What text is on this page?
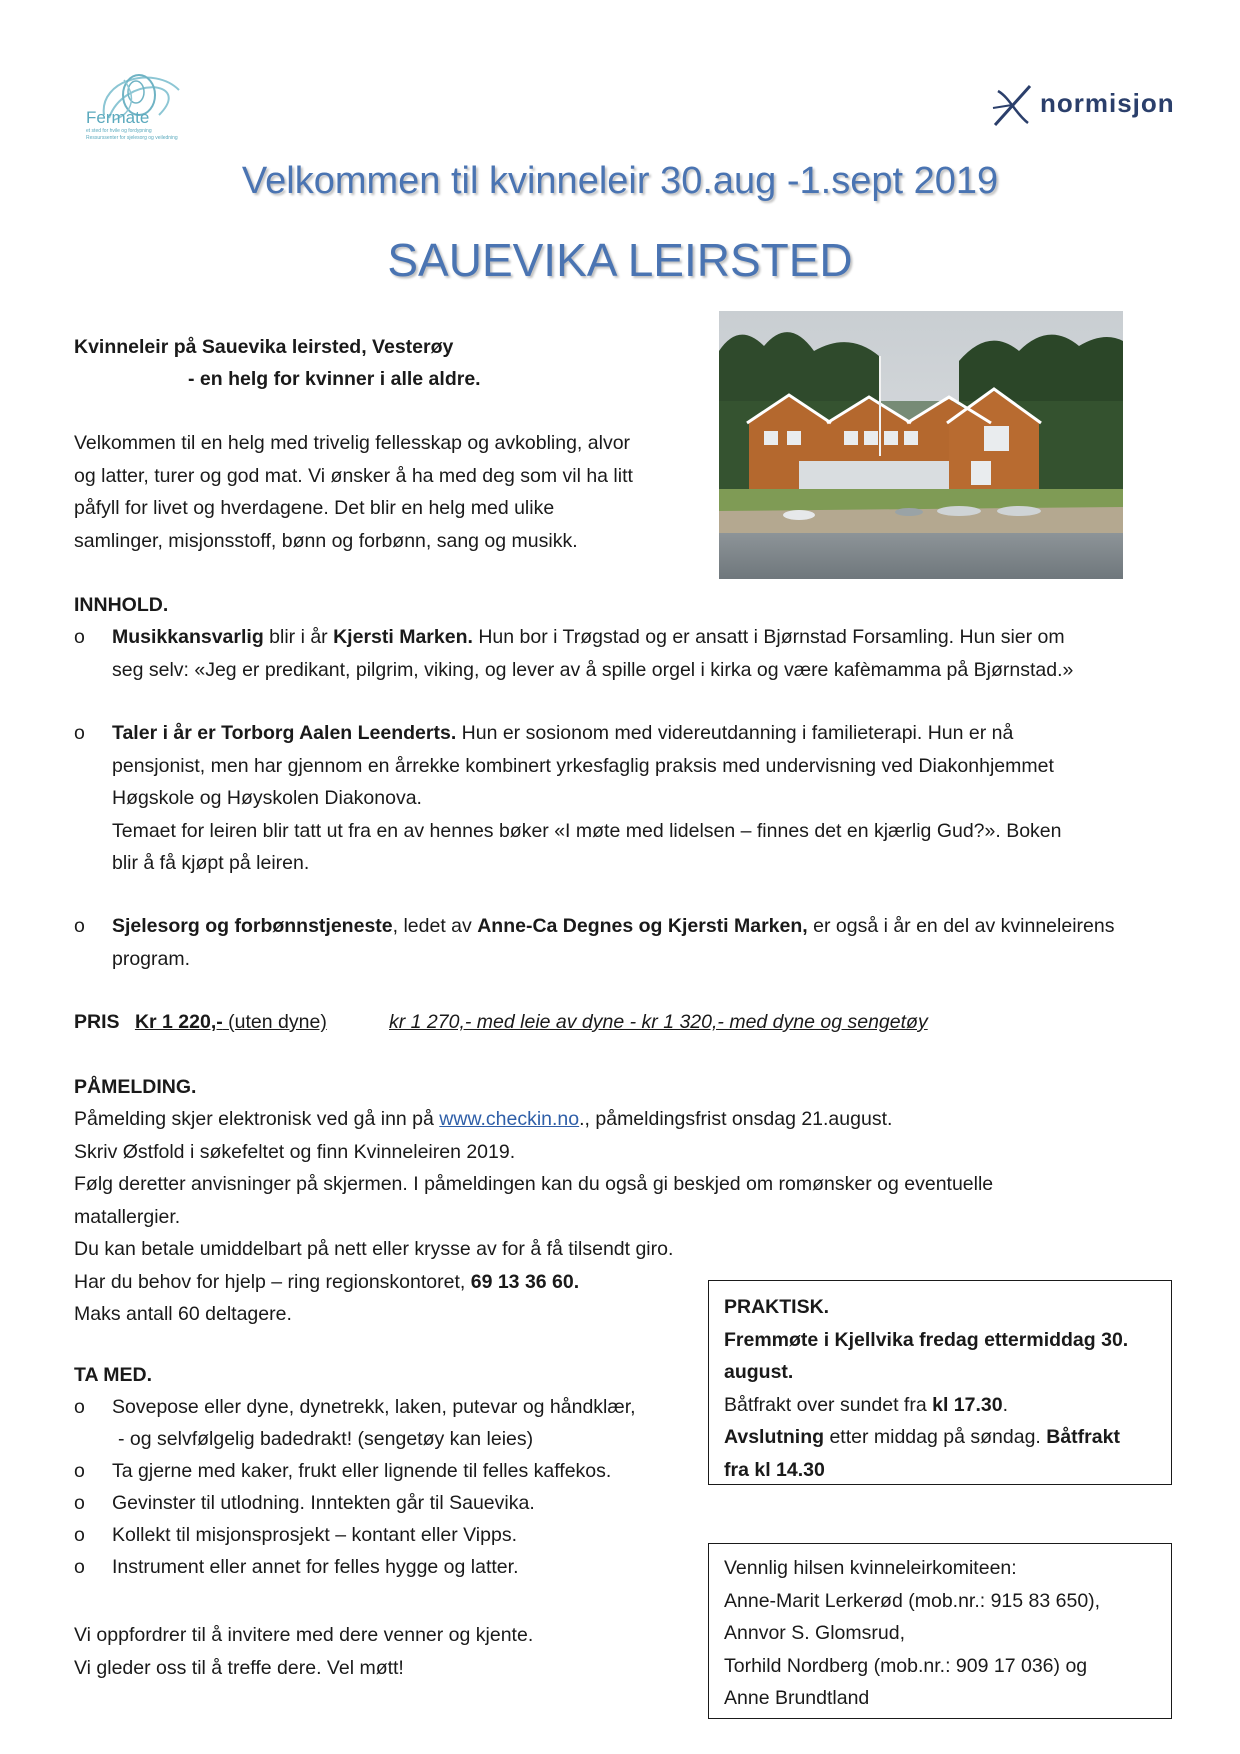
Fermate
et sted for hvile og fordypning
Ressurssenter for sjelesorg og veiledning
normisjon
Velkommen til kvinneleir 30.aug -1.sept 2019
SAUEVIKA LEIRSTED
Kvinneleir på Sauevika leirsted, Vesterøy
- en helg for kvinner i alle aldre.
Velkommen til en helg med trivelig fellesskap og avkobling, alvor
og latter, turer og god mat. Vi ønsker å ha med deg som vil ha litt
påfyll for livet og hverdagene. Det blir en helg med ulike
samlinger, misjonsstoff, bønn og forbønn, sang og musikk.
INNHOLD.
o Musikkansvarlig blir i år Kjersti Marken. Hun bor i Trøgstad og er ansatt i Bjørnstad Forsamling. Hun sier om
seg selv: «Jeg er predikant, pilgrim, viking, og lever av å spille orgel i kirka og være kafèmamma på Bjørnstad.»
o Taler i år er Torborg Aalen Leenderts. Hun er sosionom med videreutdanning i familieterapi. Hun er nå
pensjonist, men har gjennom en årrekke kombinert yrkesfaglig praksis med undervisning ved Diakonhjemmet
Høgskole og Høyskolen Diakonova.
Temaet for leiren blir tatt ut fra en av hennes bøker «I møte med lidelsen – finnes det en kjærlig Gud?». Boken
blir å få kjøpt på leiren.
o Sjelesorg og forbønnstjeneste, ledet av Anne-Ca Degnes og Kjersti Marken, er også i år en del av kvinneleirens
program.
PRIS Kr 1 220,- (uten dyne)	kr 1 270,- med leie av dyne - kr 1 320,- med dyne og sengetøy
PÅMELDING.
Påmelding skjer elektronisk ved gå inn på www.checkin.no., påmeldingsfrist onsdag 21.august.
Skriv Østfold i søkefeltet og finn Kvinneleiren 2019.
Følg deretter anvisninger på skjermen. I påmeldingen kan du også gi beskjed om romønsker og eventuelle
matallergier.
Du kan betale umiddelbart på nett eller krysse av for å få tilsendt giro.
Har du behov for hjelp – ring regionskontoret, 69 13 36 60.
Maks antall 60 deltagere.
TA MED.
o Sovepose eller dyne, dynetrekk, laken, putevar og håndklær,
- og selvfølgelig badedrakt! (sengetøy kan leies)
o Ta gjerne med kaker, frukt eller lignende til felles kaffekos.
o Gevinster til utlodning. Inntekten går til Sauevika.
o Kollekt til misjonsprosjekt – kontant eller Vipps.
o Instrument eller annet for felles hygge og latter.
Vi oppfordrer til å invitere med dere venner og kjente.
Vi gleder oss til å treffe dere. Vel møtt!
PRAKTISK.
Fremmøte i Kjellvika fredag ettermiddag 30.
august.
Båtfrakt over sundet fra kl 17.30.
Avslutning etter middag på søndag. Båtfrakt
fra kl 14.30
Vennlig hilsen kvinneleirkomiteen:
Anne-Marit Lerkerød (mob.nr.: 915 83 650),
Annvor S. Glomsrud,
Torhild Nordberg (mob.nr.: 909 17 036) og
Anne Brundtland
